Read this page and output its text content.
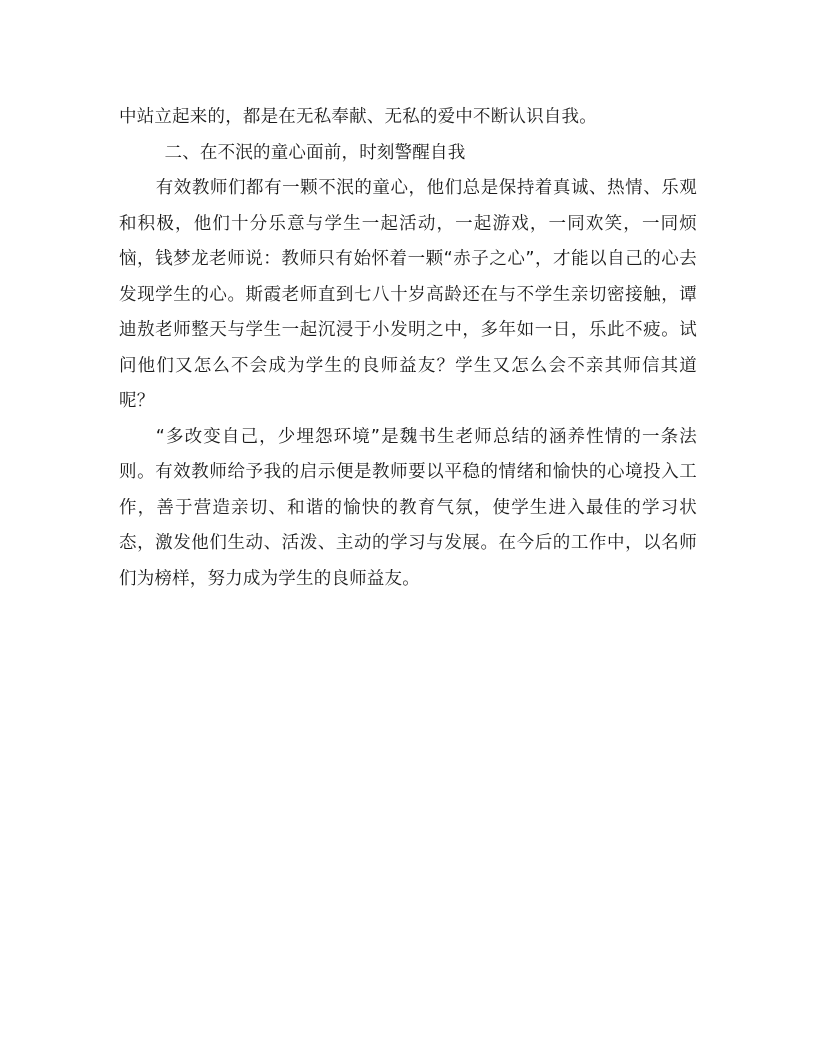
中站立起来的，都是在无私奉献、无私的爱中不断认识自我。

二、在不泯的童心面前，时刻警醒自我

有效教师们都有一颗不泯的童心，他们总是保持着真诚、热情、乐观和积极，他们十分乐意与学生一起活动，一起游戏，一同欢笑，一同烦恼，钱梦龙老师说：教师只有始怀着一颗“赤子之心”，才能以自己的心去发现学生的心。斯霞老师直到七八十岁高龄还在与不学生亲切密接触，谭迪敖老师整天与学生一起沉浸于小发明之中，多年如一日，乐此不疲。试问他们又怎么不会成为学生的良师益友？学生又怎么会不亲其师信其道呢？

“多改变自己，少埋怨环境”是魏书生老师总结的涵养性情的一条法则。有效教师给予我的启示便是教师要以平稳的情绪和愉快的心境投入工作，善于营造亲切、和谐的愉快的教育气氛，使学生进入最佳的学习状态，激发他们生动、活泼、主动的学习与发展。在今后的工作中，以名师们为榜样，努力成为学生的良师益友。
